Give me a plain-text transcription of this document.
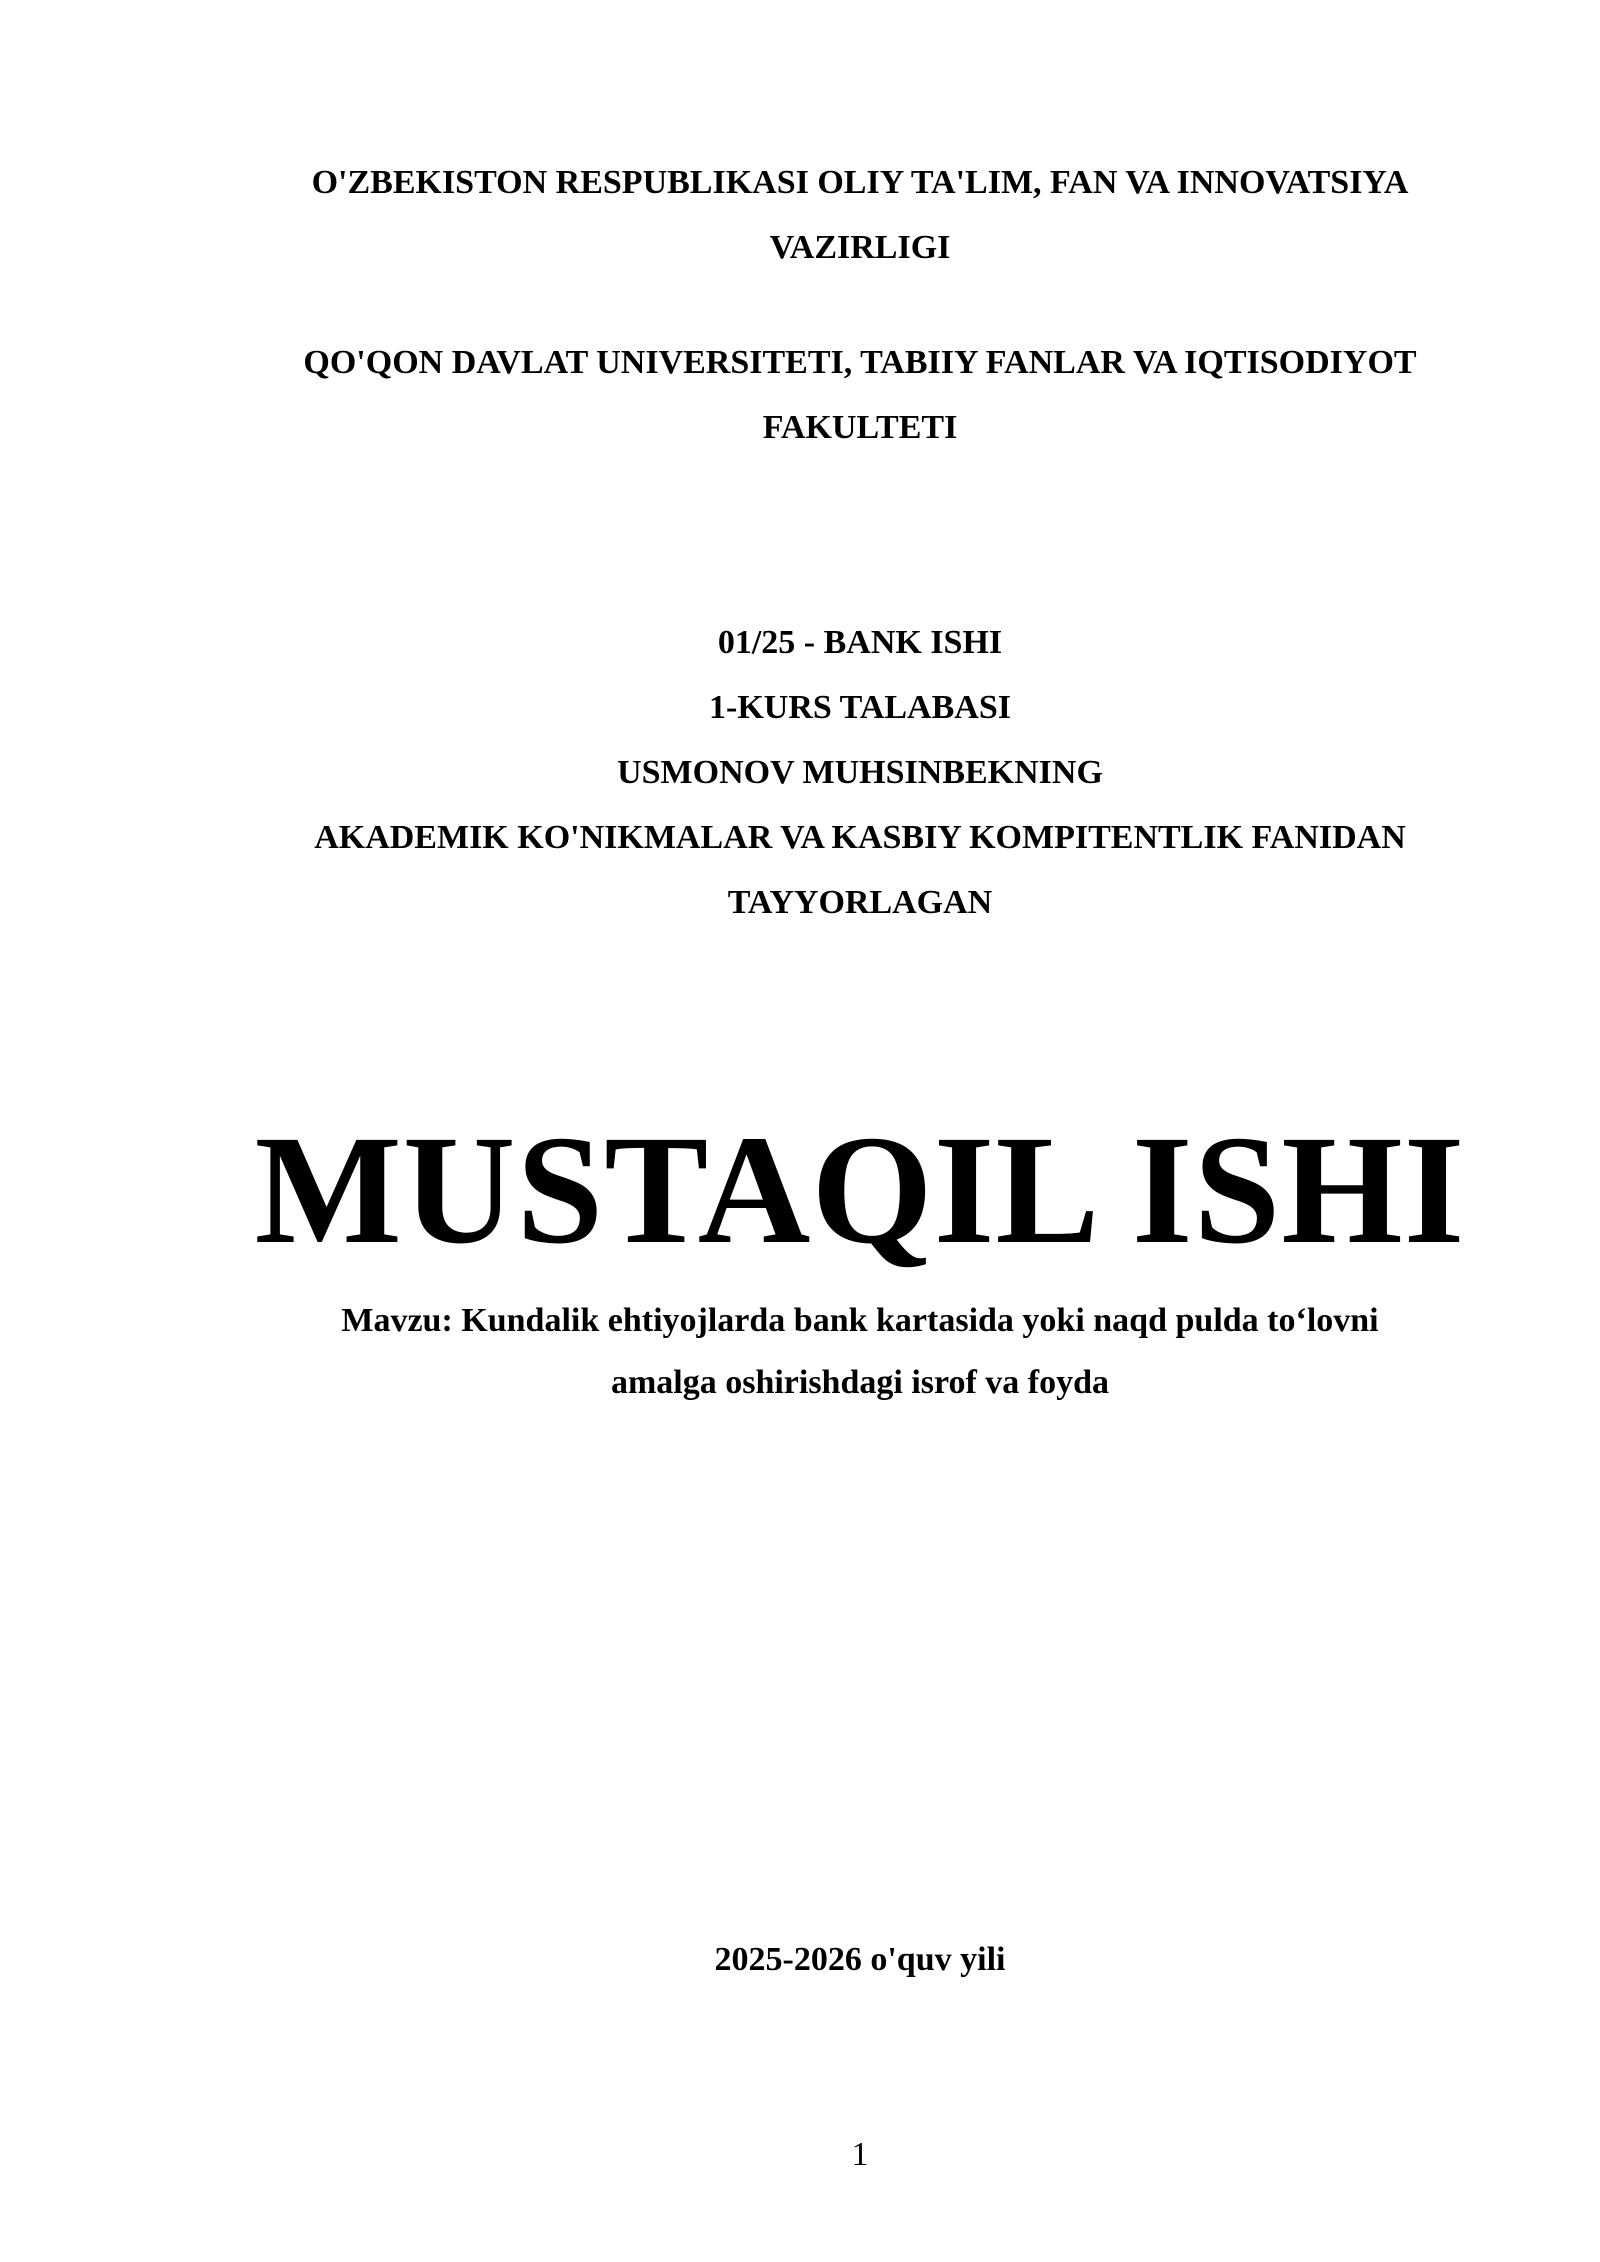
O'ZBEKISTON RESPUBLIKASI OLIY TA'LIM, FAN VA INNOVATSIYA
VAZIRLIGI
QO'QON DAVLAT UNIVERSITETI, TABIIY FANLAR VA IQTISODIYOT
FAKULTETI
01/25 - BANK ISHI
1-KURS TALABASI
USMONOV MUHSINBEKNING
AKADEMIK KO'NIKMALAR VA KASBIY KOMPITENTLIK FANIDAN
TAYYORLAGAN
MUSTAQIL ISHI
Mavzu: Kundalik ehtiyojlarda bank kartasida yoki naqd pulda to‘lovni
amalga oshirishdagi isrof va foyda
2025-2026 o'quv yili
1
